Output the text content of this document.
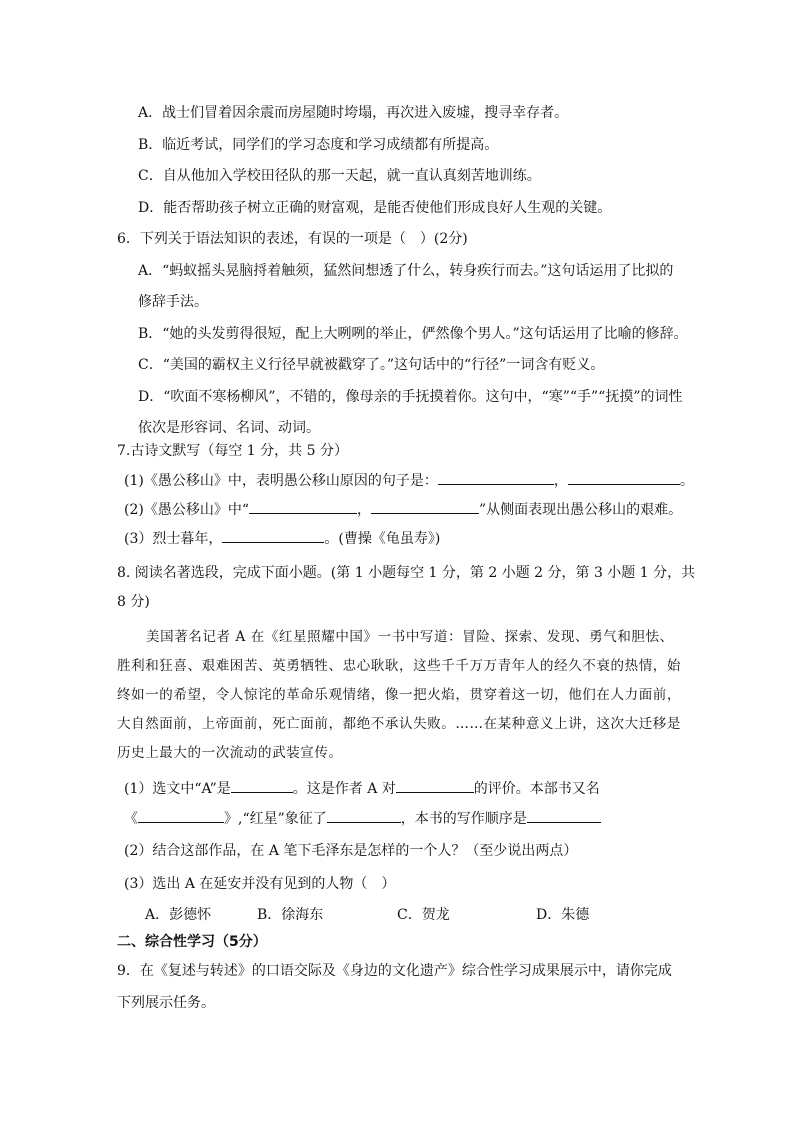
A．战士们冒着因余震而房屋随时垮塌，再次进入废墟，搜寻幸存者。
B．临近考试，同学们的学习态度和学习成绩都有所提高。
C．自从他加入学校田径队的那一天起，就一直认真刻苦地训练。
D．能否帮助孩子树立正确的财富观，是能否使他们形成良好人生观的关键。
6．下列关于语法知识的表述，有误的一项是（　）(2分)
A．“蚂蚁摇头晃脑捋着触须，猛然间想透了什么，转身疾行而去。”这句话运用了比拟的
修辞手法。
B．“她的头发剪得很短，配上大咧咧的举止，俨然像个男人。”这句话运用了比喻的修辞。
C．“美国的霸权主义行径早就被戳穿了。”这句话中的“行径”一词含有贬义。
D．“吹面不寒杨柳风”，不错的，像母亲的手抚摸着你。这句中，“寒”“手”“抚摸”的词性
依次是形容词、名词、动词。
7.古诗文默写（每空 1 分，共 5 分）
(1)《愚公移山》中，表明愚公移山原因的句子是：	，	。
(2)《愚公移山》中“	，	”从侧面表现出愚公移山的艰难。
(3）烈士暮年，	。(曹操《龟虽寿》)
8. 阅读名著选段，完成下面小题。(第 1 小题每空 1 分，第 2 小题 2 分，第 3 小题 1 分，共
8 分)
美国著名记者 A 在《红星照耀中国》一书中写道：冒险、探索、发现、勇气和胆怯、
胜利和狂喜、艰难困苦、英勇牺牲、忠心耿耿，这些千千万万青年人的经久不衰的热情，始
终如一的希望，令人惊诧的革命乐观情绪，像一把火焰，贯穿着这一切，他们在人力面前，
大自然面前，上帝面前，死亡面前，都绝不承认失败。……在某种意义上讲，这次大迁移是
历史上最大的一次流动的武装宣传。
(1）选文中“A”是	。这是作者 A 对	的评价。本部书又名
《	》,“红星”象征了	，本书的写作顺序是
(2）结合这部作品，在 A 笔下毛泽东是怎样的一个人？（至少说出两点）
(3）选出 A 在延安并没有见到的人物（　）
A．彭德怀	B．徐海东	C．贺龙	D．朱德
二、综合性学习（5分）
9．在《复述与转述》的口语交际及《身边的文化遗产》综合性学习成果展示中，请你完成
下列展示任务。
